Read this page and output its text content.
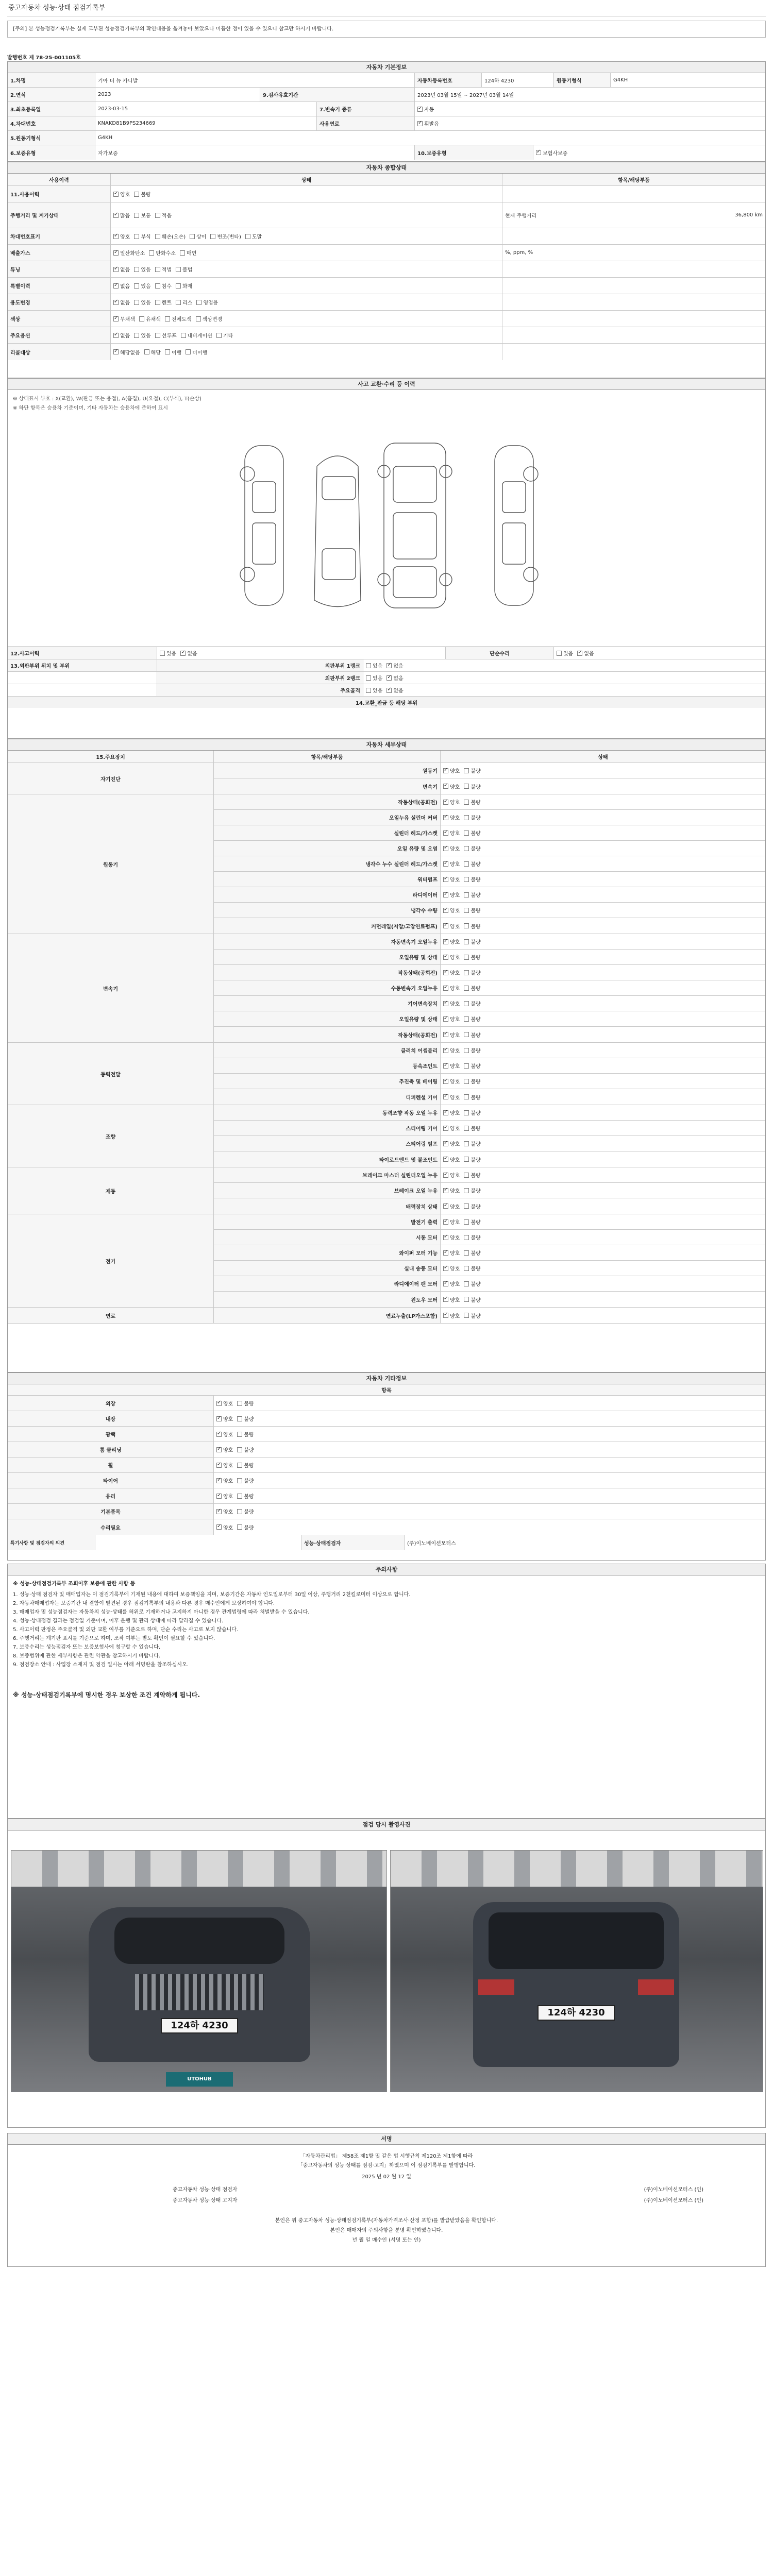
중고자동차 성능·상태 점검기록부
[주의] 본 성능점검기록부는 실제 교부된 성능점검기록부의 확인내용을 옮겨놓아 보았으나 미흡한 점이 있을 수 있으니 참고만 하시기 바랍니다.
발행번호 제 78-25-001105호
자동차 기본정보
1.차명	기아 더 뉴 카니발	자동차등록번호	124하 4230	원동기형식	G4KH
2.연식	2023	9.검사유효기간	2023년 03월 15일 ~ 2027년 03월 14일
3.최초등록일	2023-03-15	7.변속기 종류 ✓	자동
4.차대번호	KNAKD81B9PS234669	사용연료 ✓	휘발유
5.원동기형식	G4KH
6.보증유형	자가보증	10.보증유형 ✓	보험사보증
자동차 종합상태
사용이력	상태	항목/해당부품
11.사용이력 ✓	양호 불량
주행거리 및 계기상태 ✓	많음 보통 적음	현재 주행거리	36,800 km
차대번호표기 ✓	양호 부식 훼손(오손) 상이 변조(변타) 도말
배출가스 ✓	일산화탄소 탄화수소 매연	%, ppm, %
튜닝 ✓	없음 있음 적법 불법
특별이력 ✓	없음 있음 침수 화재
용도변경 ✓	없음 있음 렌트 리스 영업용
색상 ✓	무채색 유채색 전체도색 색상변경
주요옵션 ✓	없음 있음 선루프 내비게이션 기타
리콜대상 ✓	해당없음 해당 이행 미이행
사고 교환·수리 등 이력
※ 상태표시 부호 : X(교환), W(판금 또는 용접), A(흠집), U(요철), C(부식), T(손상)
※ 하단 항목은 승용차 기준이며, 기타 자동차는 승용차에 준하여 표시
12.사고이력	있음 ✓	없음	단순수리	있음 ✓	없음
13.외판부위 위치 및 부위	외판부위 1랭크	있음 ✓	없음
외판부위 2랭크	있음 ✓	없음
주요골격	있음 ✓	없음
14.교환_판금 등 해당 부위
자동차 세부상태
15.주요장치	항목/해당부품	상태
자기진단
원동기 ✓	양호 불량
변속기 ✓	양호 불량
원동기
작동상태(공회전) ✓	양호 불량
오일누유 실린더 커버 ✓	양호 불량
실린더 헤드/가스켓 ✓	양호 불량
오일 유량 및 오염 ✓	양호 불량
냉각수 누수 실린더 헤드/가스켓 ✓	양호 불량
워터펌프 ✓	양호 불량
라디에이터 ✓	양호 불량
냉각수 수량 ✓	양호 불량
커먼레일(저압/고압연료펌프) ✓	양호 불량
변속기
자동변속기 오일누유 ✓	양호 불량
오일유량 및 상태 ✓	양호 불량
작동상태(공회전) ✓	양호 불량
수동변속기 오일누유 ✓	양호 불량
기어변속장치 ✓	양호 불량
오일유량 및 상태 ✓	양호 불량
작동상태(공회전) ✓	양호 불량
동력전달
클러치 어셈블리 ✓	양호 불량
등속조인트 ✓	양호 불량
추진축 및 베어링 ✓	양호 불량
디퍼렌셜 기어 ✓	양호 불량
조향
동력조향 작동 오일 누유 ✓	양호 불량
스티어링 기어 ✓	양호 불량
스티어링 펌프 ✓	양호 불량
타이로드엔드 및 볼조인트 ✓	양호 불량
제동
브레이크 마스터 실린더오일 누유 ✓	양호 불량
브레이크 오일 누유 ✓	양호 불량
배력장치 상태 ✓	양호 불량
전기
발전기 출력 ✓	양호 불량
시동 모터 ✓	양호 불량
와이퍼 모터 기능 ✓	양호 불량
실내 송풍 모터 ✓	양호 불량
라디에이터 팬 모터 ✓	양호 불량
윈도우 모터 ✓	양호 불량
연료	연료누출(LP가스포함) ✓	양호 불량
자동차 기타정보
항목
외장 ✓	양호 불량
내장 ✓	양호 불량
광택 ✓	양호 불량
룸 클리닝 ✓	양호 불량
휠 ✓	양호 불량
타이어 ✓	양호 불량
유리 ✓	양호 불량
기본품목 ✓	양호 불량
수리필요 ✓	양호 불량
특기사항 및 점검자의 의견	성능·상태점검자	(주)이노베이션모터스
주의사항
※ 성능·상태점검기록부 조회이후 보증에 관한 사항 등
1. 성능·상태 점검자 및 매매업자는 이 점검기록부에 기재된 내용에 대하여 보증책임을 지며, 보증기간은 자동차 인도일로부터 30일 이상, 주행거리 2천킬로미터 이상으로 합니다.
2. 자동차매매업자는 보증기간 내 결함이 발견된 경우 점검기록부의 내용과 다른 경우 매수인에게 보상하여야 합니다.
3. 매매업자 및 성능점검자는 자동차의 성능·상태를 허위로 기재하거나 고지하지 아니한 경우 관계법령에 따라 처벌받을 수 있습니다.
4. 성능·상태점검 결과는 점검일 기준이며, 이후 운행 및 관리 상태에 따라 달라질 수 있습니다.
5. 사고이력 판정은 주요골격 및 외판 교환 여부를 기준으로 하며, 단순 수리는 사고로 보지 않습니다.
6. 주행거리는 계기판 표시를 기준으로 하며, 조작 여부는 별도 확인이 필요할 수 있습니다.
7. 보증수리는 성능점검자 또는 보증보험사에 청구할 수 있습니다.
8. 보증범위에 관한 세부사항은 관련 약관을 참고하시기 바랍니다.
9. 점검장소 안내 : 사업장 소재지 및 점검 일시는 아래 서명란을 참조하십시오.
※ 성능·상태점검기록부에 명시한 경우 보상한 조건 계약하게 됩니다.
점검 당시 촬영사진
124하 4230
UTOHUB
124하 4230
서명
「자동차관리법」 제58조 제1항 및 같은 법 시행규칙 제120조 제1항에 따라
「중고자동차의 성능·상태를 점검·고지」하였으며 이 점검기록부를 발행합니다.
2025 년 02 월 12 일
중고자동차 성능·상태 점검자	(주)이노베이션모터스 (인)
중고자동차 성능·상태 고지자	(주)이노베이션모터스 (인)
본인은 위 중고자동차 성능·상태점검기록부(자동차가격조사·산정 포함)를 발급받았음을 확인합니다.
본인은 매매자의 주의사항을 분명 확인하였습니다.
년 월 일 매수인 (서명 또는 인)
